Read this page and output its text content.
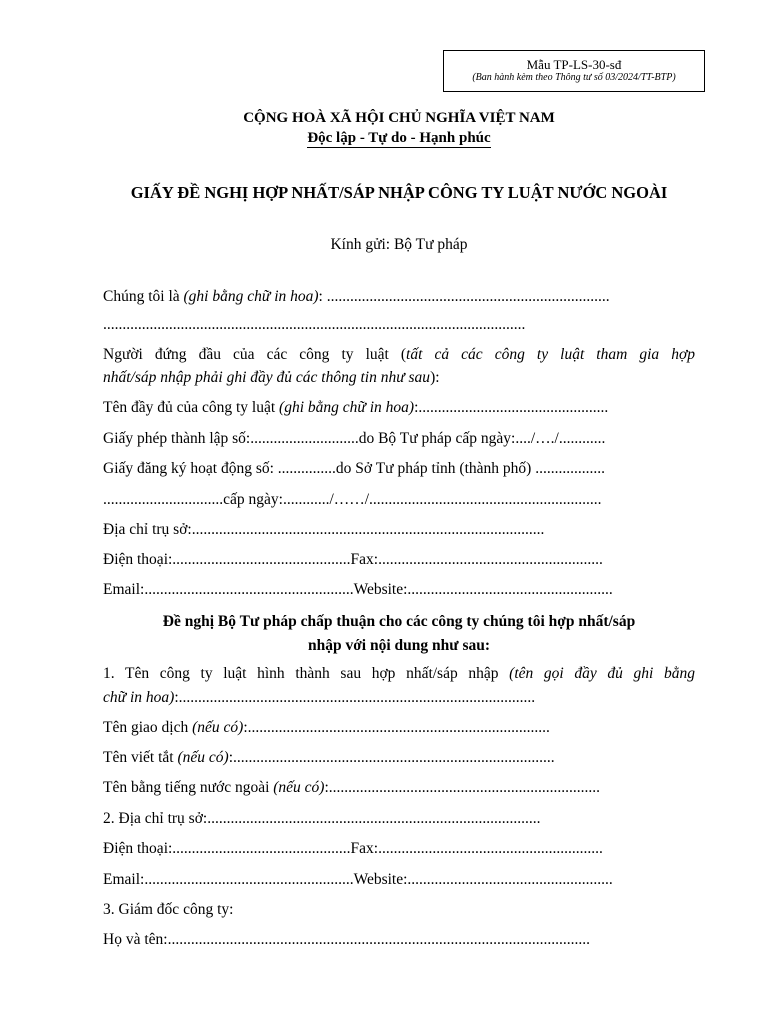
Mẫu TP-LS-30-sđ
(Ban hành kèm theo Thông tư số 03/2024/TT-BTP)
CỘNG HOÀ XÃ HỘI CHỦ NGHĨA VIỆT NAM
Độc lập - Tự do - Hạnh phúc
GIẤY ĐỀ NGHỊ HỢP NHẤT/SÁP NHẬP CÔNG TY LUẬT NƯỚC NGOÀI
Kính gửi: Bộ Tư pháp
Chúng tôi là (ghi bằng chữ in hoa): .........................................................................
.............................................................................................................
Người đứng đầu của các công ty luật (tất cả các công ty luật tham gia hợp
nhất/sáp nhập phải ghi đầy đủ các thông tin như sau):
Tên đầy đủ của công ty luật (ghi bằng chữ in hoa):.................................................
Giấy phép thành lập số:............................do Bộ Tư pháp cấp ngày:..../…./............
Giấy đăng ký hoạt động số: ...............do Sở Tư pháp tỉnh (thành phố) ..................
...............................cấp ngày:............/……/............................................................
Địa chỉ trụ sở:...........................................................................................
Điện thoại:..............................................Fax:..........................................................
Email:......................................................Website:.....................................................
Đề nghị Bộ Tư pháp chấp thuận cho các công ty chúng tôi hợp nhất/sáp
nhập với nội dung như sau:
1. Tên công ty luật hình thành sau hợp nhất/sáp nhập (tên gọi đầy đủ ghi bằng
chữ in hoa):............................................................................................
Tên giao dịch (nếu có):..............................................................................
Tên viết tắt (nếu có):...................................................................................
Tên bằng tiếng nước ngoài (nếu có):......................................................................
2. Địa chỉ trụ sở:......................................................................................
Điện thoại:..............................................Fax:..........................................................
Email:......................................................Website:.....................................................
3. Giám đốc công ty:
Họ và tên:.............................................................................................................
